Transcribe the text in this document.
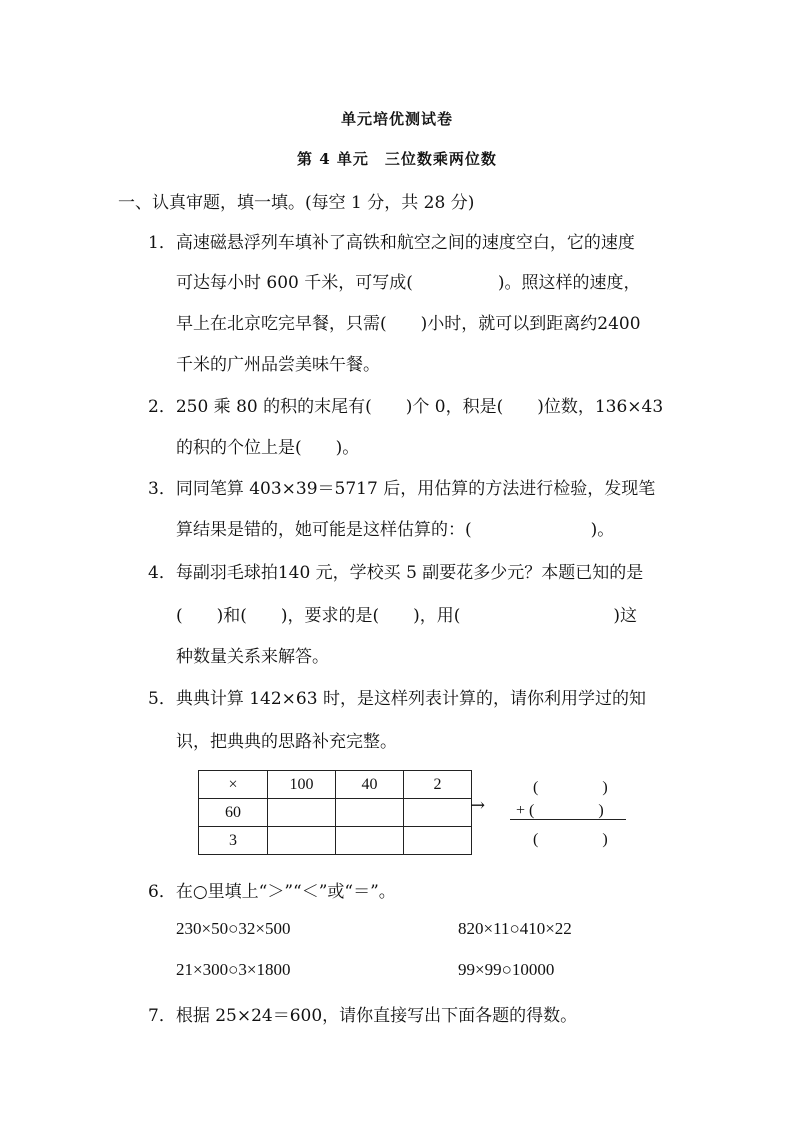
单元培优测试卷
第 4 单元　三位数乘两位数
一、认真审题，填一填。(每空 1 分，共 28 分)
1．高速磁悬浮列车填补了高铁和航空之间的速度空白，它的速度
可达每小时 600 千米，可写成(　　　　　)。照这样的速度，
早上在北京吃完早餐，只需(　　)小时，就可以到距离约2400
千米的广州品尝美味午餐。
2．250 乘 80 的积的末尾有(　　)个 0，积是(　　)位数，136×43
的积的个位上是(　　)。
3．同同笔算 403×39＝5717 后，用估算的方法进行检验，发现笔
算结果是错的，她可能是这样估算的：(　　　　　　　)。
4．每副羽毛球拍140 元，学校买 5 副要花多少元？本题已知的是
(　　)和(　　)，要求的是(　　)，用(　　　　　　　　　)这
种数量关系来解答。
5．典典计算 142×63 时，是这样列表计算的，请你利用学过的知
识，把典典的思路补充完整。
×	100	40	2
60			
3			
→
(　　　　)
+ (　　　　)
(　　　　)
6．在○里填上“＞”“＜”或“＝”。
230×50○32×500	820×11○410×22
21×300○3×1800	99×99○10000
7．根据 25×24＝600，请你直接写出下面各题的得数。
